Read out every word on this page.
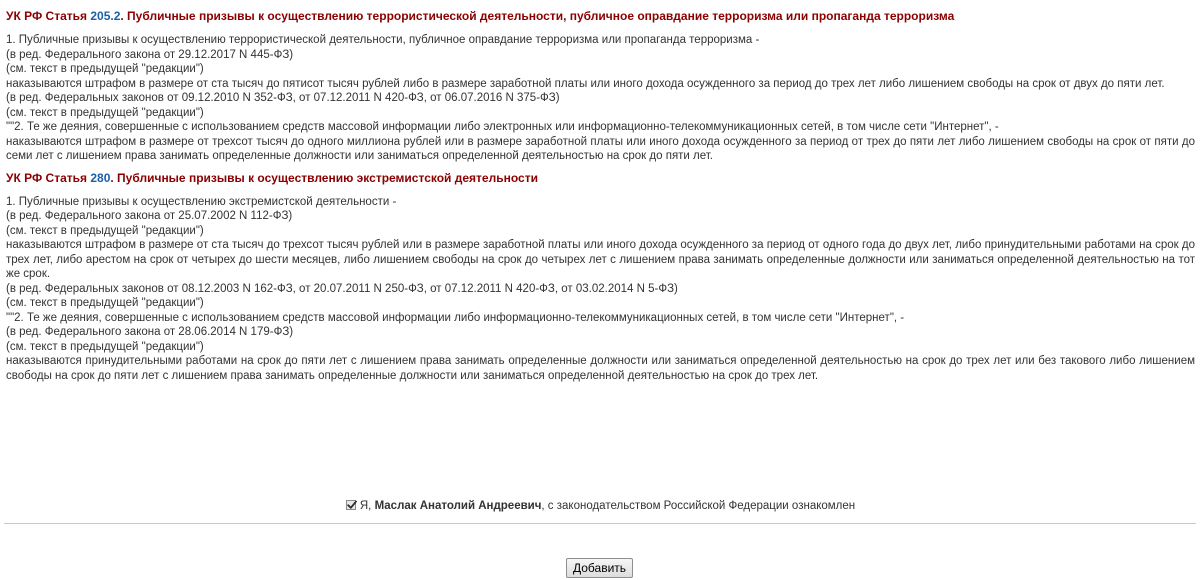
УК РФ Статья 205.2. Публичные призывы к осуществлению террористической деятельности, публичное оправдание терроризма или пропаганда терроризма
1. Публичные призывы к осуществлению террористической деятельности, публичное оправдание терроризма или пропаганда терроризма -
(в ред. Федерального закона от 29.12.2017 N 445-ФЗ)
(см. текст в предыдущей "редакции")
наказываются штрафом в размере от ста тысяч до пятисот тысяч рублей либо в размере заработной платы или иного дохода осужденного за период до трех лет либо лишением свободы на срок от двух до пяти лет.
(в ред. Федеральных законов от 09.12.2010 N 352-ФЗ, от 07.12.2011 N 420-ФЗ, от 06.07.2016 N 375-ФЗ)
(см. текст в предыдущей "редакции")
""2. Те же деяния, совершенные с использованием средств массовой информации либо электронных или информационно-телекоммуникационных сетей, в том числе сети "Интернет", -
наказываются штрафом в размере от трехсот тысяч до одного миллиона рублей или в размере заработной платы или иного дохода осужденного за период от трех до пяти лет либо лишением свободы на срок от пяти до семи лет с лишением права занимать определенные должности или заниматься определенной деятельностью на срок до пяти лет.
УК РФ Статья 280. Публичные призывы к осуществлению экстремистской деятельности
1. Публичные призывы к осуществлению экстремистской деятельности -
(в ред. Федерального закона от 25.07.2002 N 112-ФЗ)
(см. текст в предыдущей "редакции")
наказываются штрафом в размере от ста тысяч до трехсот тысяч рублей или в размере заработной платы или иного дохода осужденного за период от одного года до двух лет, либо принудительными работами на срок до трех лет, либо арестом на срок от четырех до шести месяцев, либо лишением свободы на срок до четырех лет с лишением права занимать определенные должности или заниматься определенной деятельностью на тот же срок.
(в ред. Федеральных законов от 08.12.2003 N 162-ФЗ, от 20.07.2011 N 250-ФЗ, от 07.12.2011 N 420-ФЗ, от 03.02.2014 N 5-ФЗ)
(см. текст в предыдущей "редакции")
""2. Те же деяния, совершенные с использованием средств массовой информации либо информационно-телекоммуникационных сетей, в том числе сети "Интернет", -
(в ред. Федерального закона от 28.06.2014 N 179-ФЗ)
(см. текст в предыдущей "редакции")
наказываются принудительными работами на срок до пяти лет с лишением права занимать определенные должности или заниматься определенной деятельностью на срок до трех лет или без такового либо лишением свободы на срок до пяти лет с лишением права занимать определенные должности или заниматься определенной деятельностью на срок до трех лет.
Я, Маслак Анатолий Андреевич, с законодательством Российской Федерации ознакомлен
Добавить
